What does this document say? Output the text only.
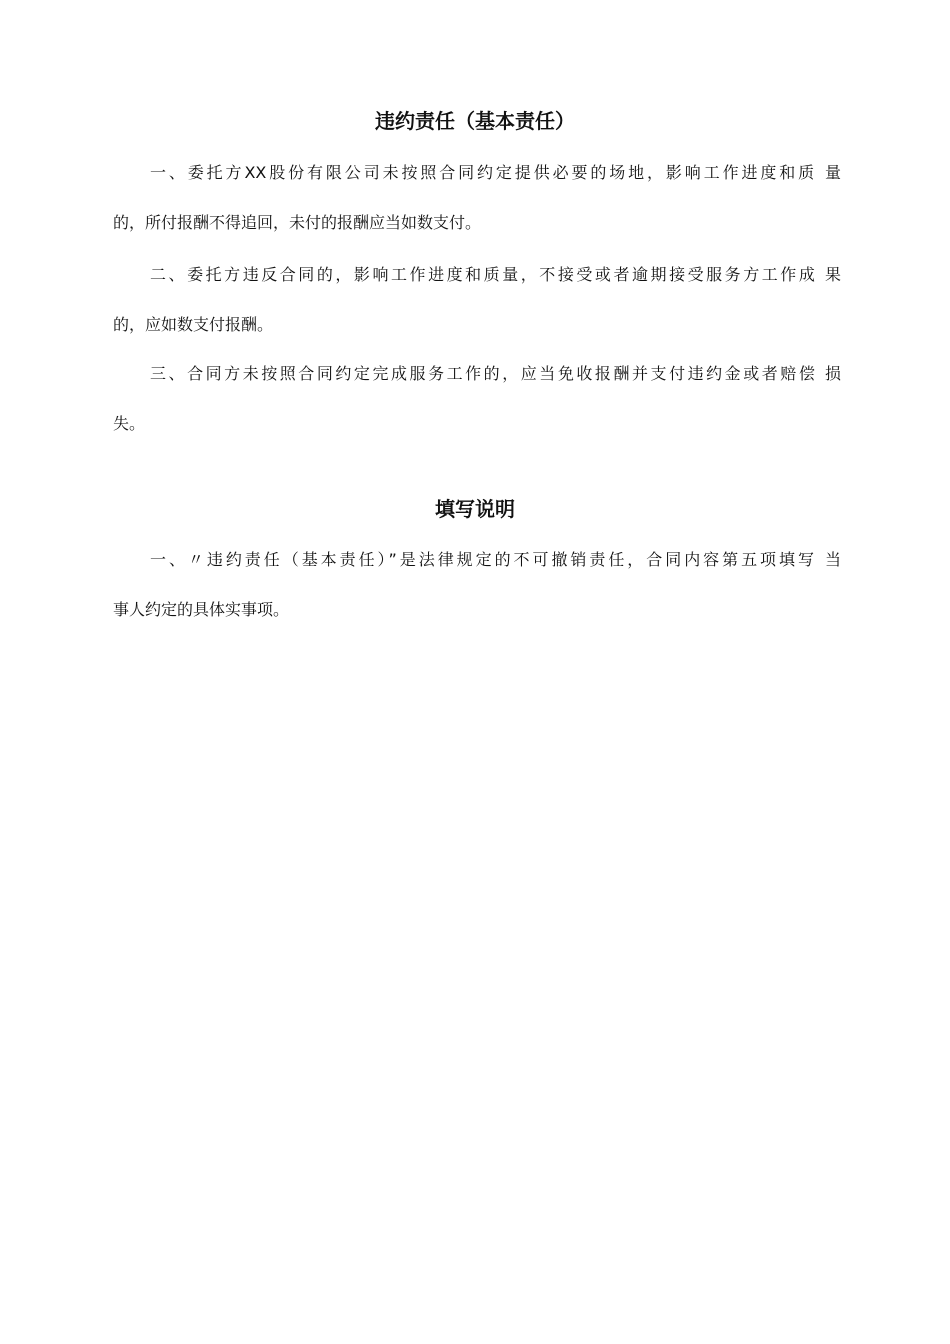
违约责任（基本责任）
一、委托方XX股份有限公司未按照合同约定提供必要的场地，影响工作进度和质 量
的，所付报酬不得追回，未付的报酬应当如数支付。
二、委托方违反合同的，影响工作进度和质量，不接受或者逾期接受服务方工作成 果
的，应如数支付报酬。
三、合同方未按照合同约定完成服务工作的，应当免收报酬并支付违约金或者赔偿 损
失。
填写说明
一、〃违约责任（基本责任）”是法律规定的不可撤销责任，合同内容第五项填写 当
事人约定的具体实事项。
